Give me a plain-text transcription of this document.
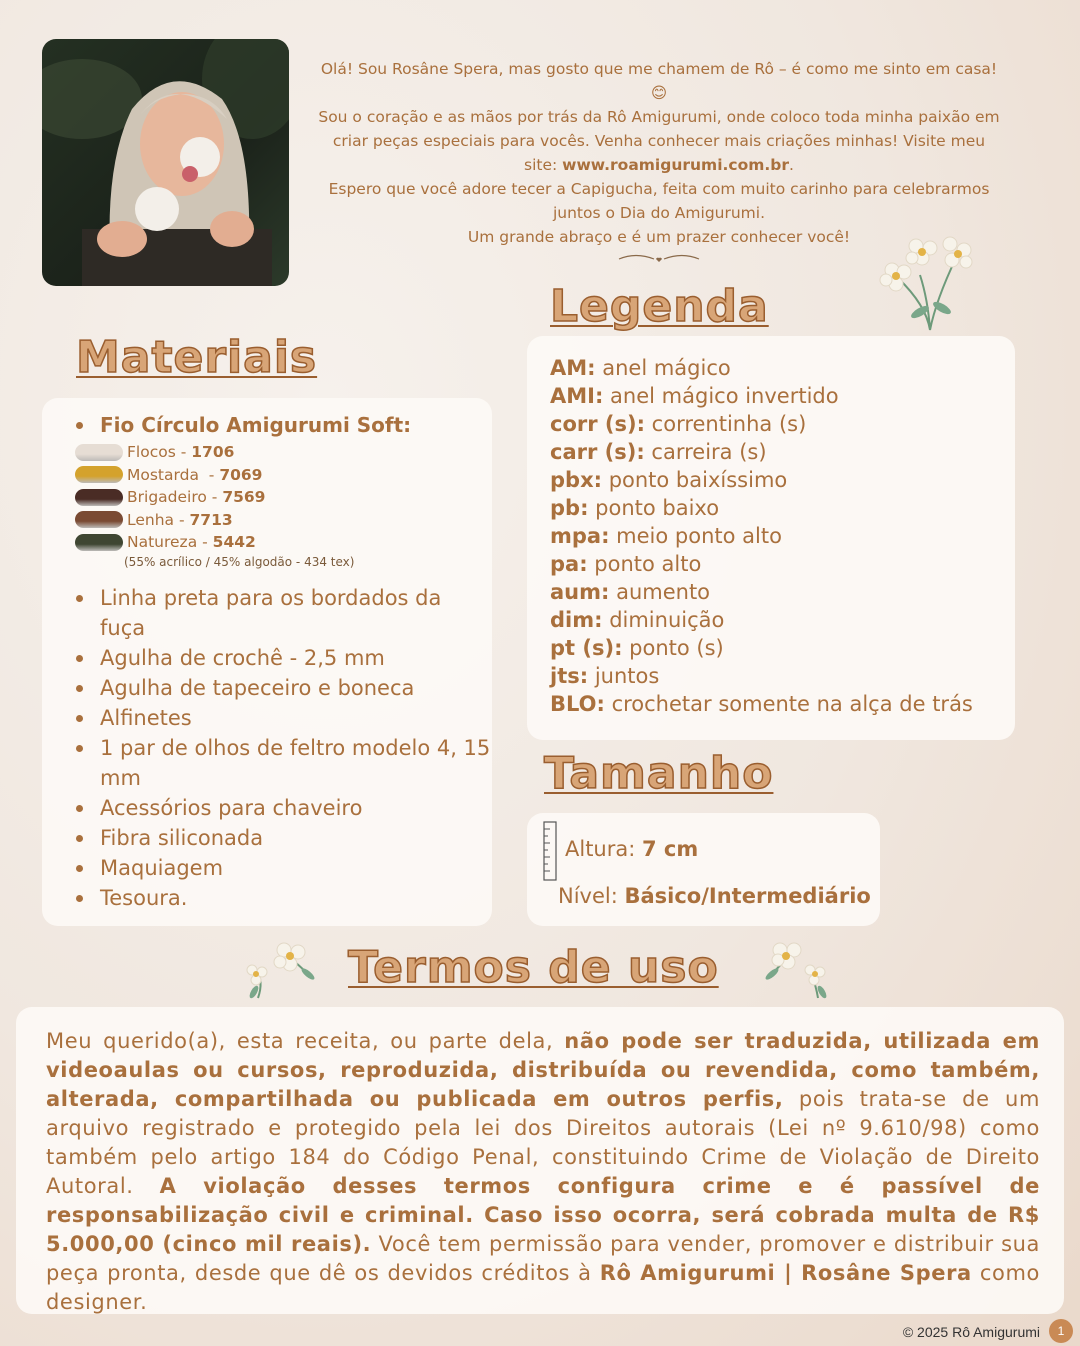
Olá! Sou Rosâne Spera, mas gosto que me chamem de Rô – é como me sinto em casa! 😊
Sou o coração e as mãos por trás da Rô Amigurumi, onde coloco toda minha paixão em criar peças especiais para vocês. Venha conhecer mais criações minhas! Visite meu site: www.roamigurumi.com.br.
Espero que você adore tecer a Capigucha, feita com muito carinho para celebrarmos juntos o Dia do Amigurumi.
Um grande abraço e é um prazer conhecer você!
Materiais
Fio Círculo Amigurumi Soft:
Flocos - 1706
Mostarda - 7069
Brigadeiro - 7569
Lenha - 7713
Natureza - 5442
(55% acrílico / 45% algodão - 434 tex)
Linha preta para os bordados da fuça
Agulha de crochê - 2,5 mm
Agulha de tapeceiro e boneca
Alfinetes
1 par de olhos de feltro modelo 4, 15 mm
Acessórios para chaveiro
Fibra siliconada
Maquiagem
Tesoura.
Legenda
AM: anel mágico
AMI: anel mágico invertido
corr (s): correntinha (s)
carr (s): carreira (s)
pbx: ponto baixíssimo
pb: ponto baixo
mpa: meio ponto alto
pa: ponto alto
aum: aumento
dim: diminuição
pt (s): ponto (s)
jts: juntos
BLO: crochetar somente na alça de trás
Tamanho
Altura: 7 cm
Nível: Básico/Intermediário
Termos de uso

Meu querido(a), esta receita, ou parte dela, não pode ser traduzida, utilizada em videoaulas ou cursos, reproduzida, distribuída ou revendida, como também, alterada, compartilhada ou publicada em outros perfis, pois trata-se de um arquivo registrado e protegido pela lei dos Direitos autorais (Lei nº 9.610/98) como também pelo artigo 184 do Código Penal, constituindo Crime de Violação de Direito Autoral. A violação desses termos configura crime e é passível de responsabilização civil e criminal. Caso isso ocorra, será cobrada multa de R$ 5.000,00 (cinco mil reais). Você tem permissão para vender, promover e distribuir sua peça pronta, desde que dê os devidos créditos à Rô Amigurumi | Rosâne Spera como designer.

© 2025 Rô Amigurumi	1
